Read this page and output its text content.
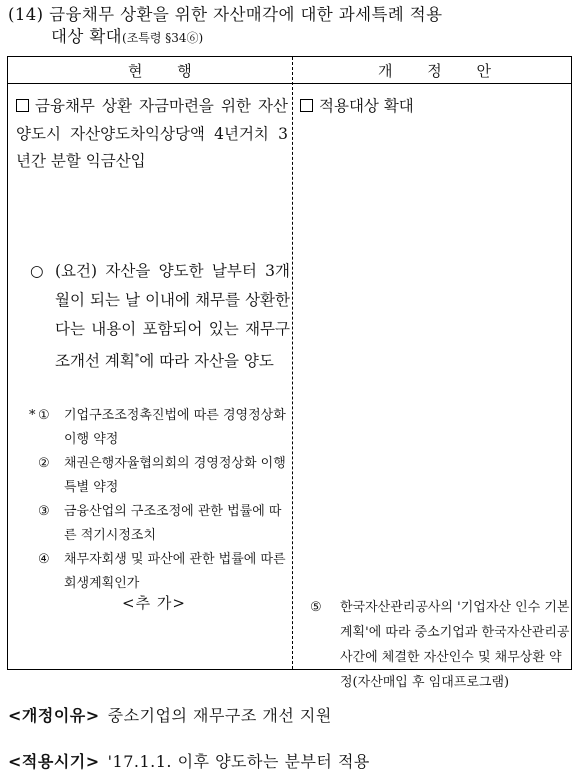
(14) 금융채무 상환을 위한 자산매각에 대한 과세특례 적용
대상 확대(조특령 §34⑥)
현 행	개 정 안
금융채무 상환 자금마련을 위한 자산양도시 자산양도차익상당액 4년거치 3년간 분할 익금산입
○ (요건) 자산을 양도한 날부터 3개월이 되는 날 이내에 채무를 상환한다는 내용이 포함되어 있는 재무구조개선 계획*에 따라 자산을 양도
* ① 기업구조조정촉진법에 따른 경영정상화 이행 약정
② 채권은행자율협의회의 경영정상화 이행 특별 약정
③ 금융산업의 구조조정에 관한 법률에 따른 적기시정조치
④ 채무자회생 및 파산에 관한 법률에 따른 회생계획인가
<추 가>
적용대상 확대
⑤ 한국자산관리공사의 '기업자산 인수 기본계획'에 따라 중소기업과 한국자산관리공사간에 체결한 자산인수 및 채무상환 약정(자산매입 후 임대프로그램)
<개정이유> 중소기업의 재무구조 개선 지원
<적용시기> '17.1.1. 이후 양도하는 분부터 적용
